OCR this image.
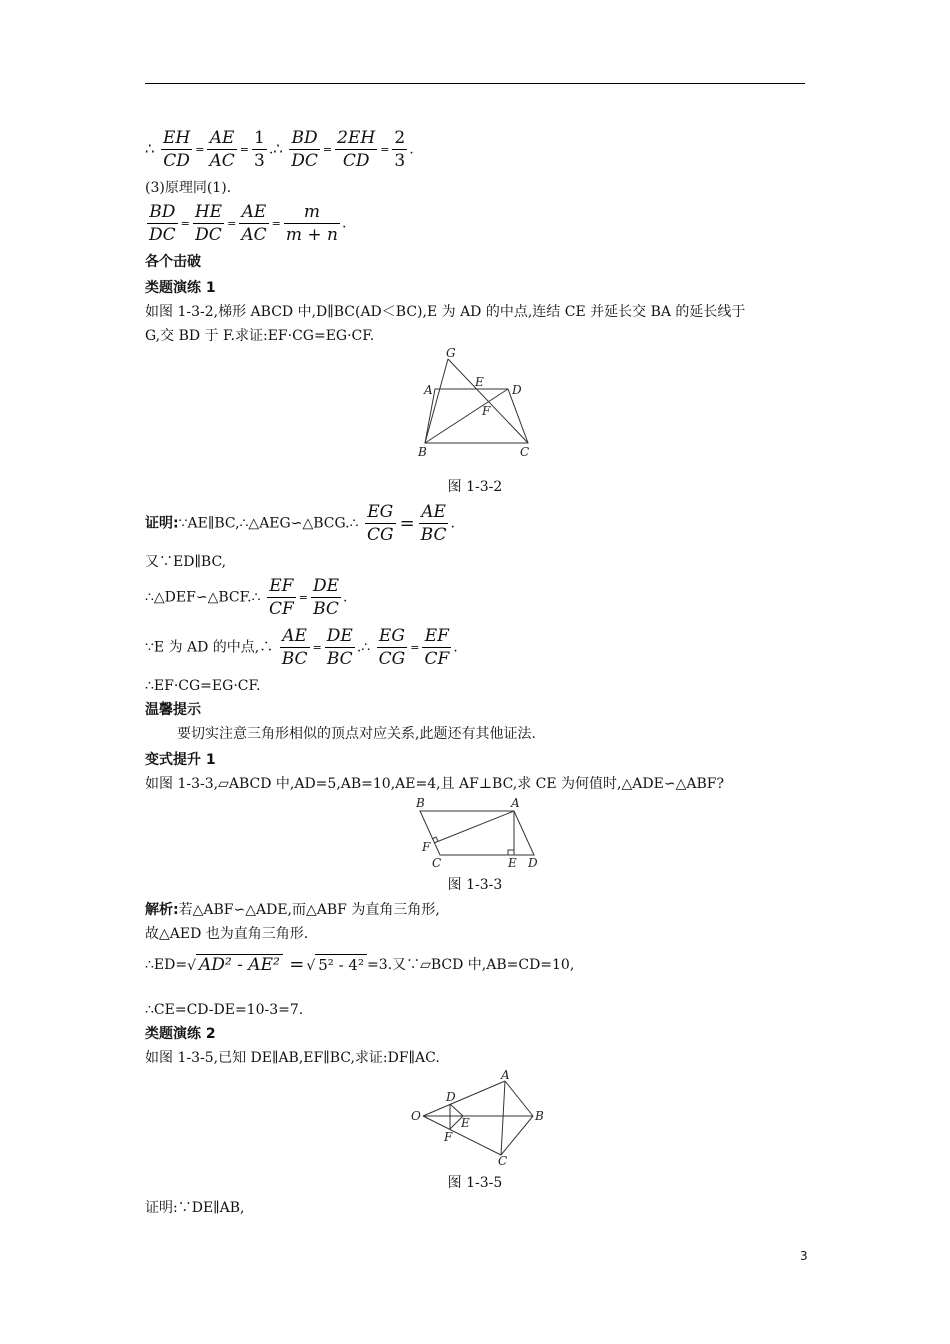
∴ $\frac{EH}{CD} = \frac{AE}{AC} = \frac{1}{3}$ .∴ $\frac{BD}{DC} = \frac{2EH}{CD} = \frac{2}{3}$ .
(3)原理同(1).
$\frac{BD}{DC} = \frac{HE}{DC} = \frac{AE}{AC} = \frac{m}{m + n}$ .
各个击破
类题演练 1
如图 1-3-2,梯形 ABCD 中,D∥BC(AD＜BC),E 为 AD 的中点,连结 CE 并延长交 BA 的延长线于
G,交 BD 于 F.求证:EF·CG=EG·CF.
G
A
E
D
F
B	C
图 1-3-2
证明:∵AE∥BC,∴△AEG∽△BCG.∴ $\frac{EG}{CG} = \frac{AE}{BC}$ .
又∵ED∥BC,
∴△DEF∽△BCF.∴ $\frac{EF}{CF} = \frac{DE}{BC}$ .
∵E 为 AD 的中点,∴ $\frac{AE}{BC} = \frac{DE}{BC}$ .∴ $\frac{EG}{CG} = \frac{EF}{CF}$ .
∴EF·CG=EG·CF.
温馨提示
要切实注意三角形相似的顶点对应关系,此题还有其他证法.
变式提升 1
如图 1-3-3,▱ABCD 中,AD=5,AB=10,AE=4,且 AF⊥BC,求 CE 为何值时,△ADE∽△ABF?
B	A
F
C	E D
图 1-3-3
解析:若△ABF∽△ADE,而△ABF 为直角三角形,
故△AED 也为直角三角形.
∴ED=√ AD² - AE² = √ 5² - 4² =3.又∵▱BCD 中,AB=CD=10,
∴CE=CD-DE=10-3=7.
类题演练 2
如图 1-3-5,已知 DE∥AB,EF∥BC,求证:DF∥AC.
A
D
O	B
E
F
C
图 1-3-5
证明:∵DE∥AB,
3
